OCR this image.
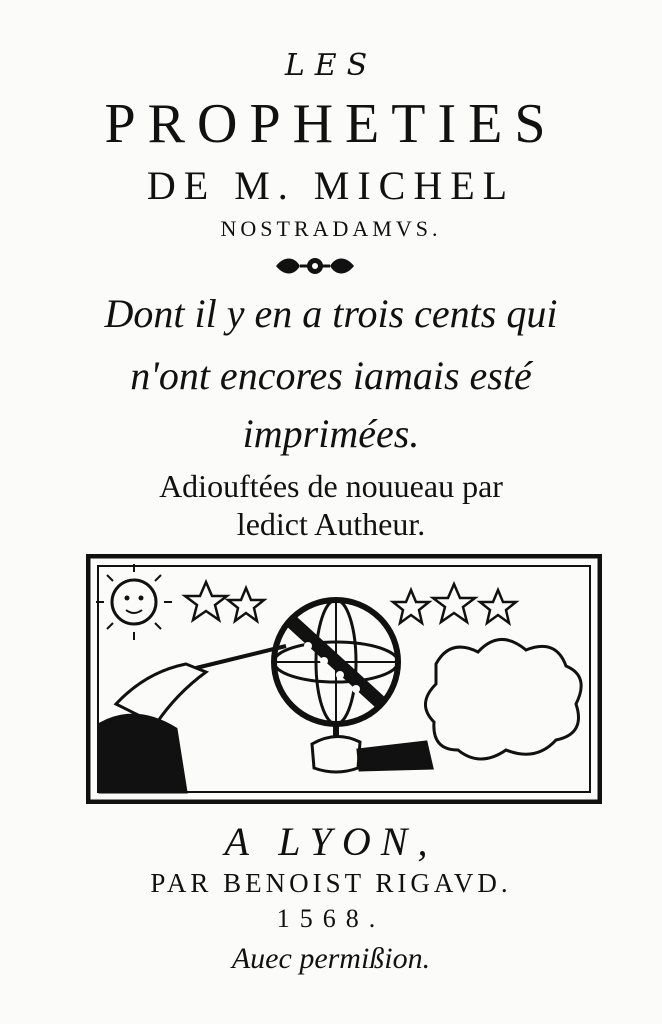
LES
PROPHETIES
DE M. MICHEL
NOSTRADAMVS.
Dont il y en a trois cents qui
n'ont encores iamais esté
imprimées.
Adiouftées de nouueau par
ledict Autheur.
A LYON,
PAR BENOIST RIGAVD.
1568.
Auec permißion.
